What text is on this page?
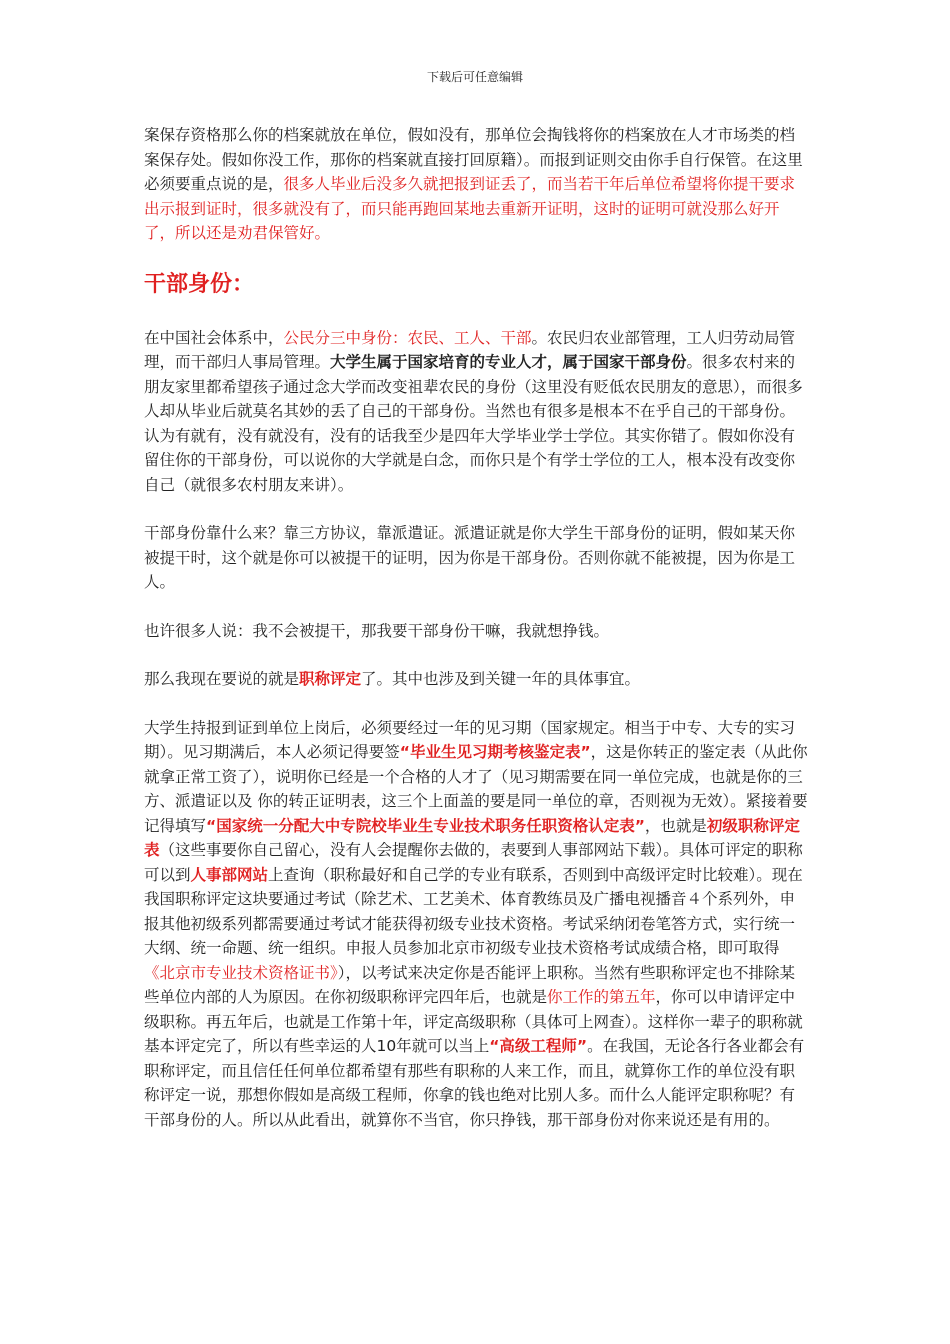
下载后可任意编辑

案保存资格那么你的档案就放在单位，假如没有，那单位会掏钱将你的档案放在人才市场类的档案保存处。假如你没工作，那你的档案就直接打回原籍）。而报到证则交由你手自行保管。在这里必须要重点说的是，很多人毕业后没多久就把报到证丢了，而当若干年后单位希望将你提干要求出示报到证时，很多就没有了，而只能再跑回某地去重新开证明，这时的证明可就没那么好开了，所以还是劝君保管好。

干部身份：

在中国社会体系中，公民分三中身份：农民、工人、干部。农民归农业部管理，工人归劳动局管理，而干部归人事局管理。大学生属于国家培育的专业人才，属于国家干部身份。很多农村来的朋友家里都希望孩子通过念大学而改变祖辈农民的身份（这里没有贬低农民朋友的意思），而很多人却从毕业后就莫名其妙的丢了自己的干部身份。当然也有很多是根本不在乎自己的干部身份。认为有就有，没有就没有，没有的话我至少是四年大学毕业学士学位。其实你错了。假如你没有留住你的干部身份，可以说你的大学就是白念，而你只是个有学士学位的工人，根本没有改变你自己（就很多农村朋友来讲）。

干部身份靠什么来？靠三方协议，靠派遣证。派遣证就是你大学生干部身份的证明，假如某天你被提干时，这个就是你可以被提干的证明，因为你是干部身份。否则你就不能被提，因为你是工人。

也许很多人说：我不会被提干，那我要干部身份干嘛，我就想挣钱。

那么我现在要说的就是职称评定了。其中也涉及到关键一年的具体事宜。

大学生持报到证到单位上岗后，必须要经过一年的见习期（国家规定。相当于中专、大专的实习期）。见习期满后，本人必须记得要签“毕业生见习期考核鉴定表”，这是你转正的鉴定表（从此你就拿正常工资了），说明你已经是一个合格的人才了（见习期需要在同一单位完成，也就是你的三方、派遣证以及 你的转正证明表，这三个上面盖的要是同一单位的章，否则视为无效）。紧接着要记得填写“国家统一分配大中专院校毕业生专业技术职务任职资格认定表”，也就是初级职称评定表（这些事要你自己留心，没有人会提醒你去做的，表要到人事部网站下载）。具体可评定的职称可以到人事部网站上查询（职称最好和自己学的专业有联系，否则到中高级评定时比较难）。现在我国职称评定这块要通过考试（除艺术、工艺美术、体育教练员及广播电视播音４个系列外，申报其他初级系列都需要通过考试才能获得初级专业技术资格。考试采纳闭卷笔答方式，实行统一大纲、统一命题、统一组织。申报人员参加北京市初级专业技术资格考试成绩合格，即可取得《北京市专业技术资格证书》），以考试来决定你是否能评上职称。当然有些职称评定也不排除某些单位内部的人为原因。在你初级职称评完四年后，也就是你工作的第五年，你可以申请评定中级职称。再五年后，也就是工作第十年，评定高级职称（具体可上网查）。这样你一辈子的职称就基本评定完了，所以有些幸运的人10年就可以当上“高级工程师”。在我国，无论各行各业都会有职称评定，而且信任任何单位都希望有那些有职称的人来工作，而且，就算你工作的单位没有职称评定一说，那想你假如是高级工程师，你拿的钱也绝对比别人多。而什么人能评定职称呢？有干部身份的人。所以从此看出，就算你不当官，你只挣钱，那干部身份对你来说还是有用的。
